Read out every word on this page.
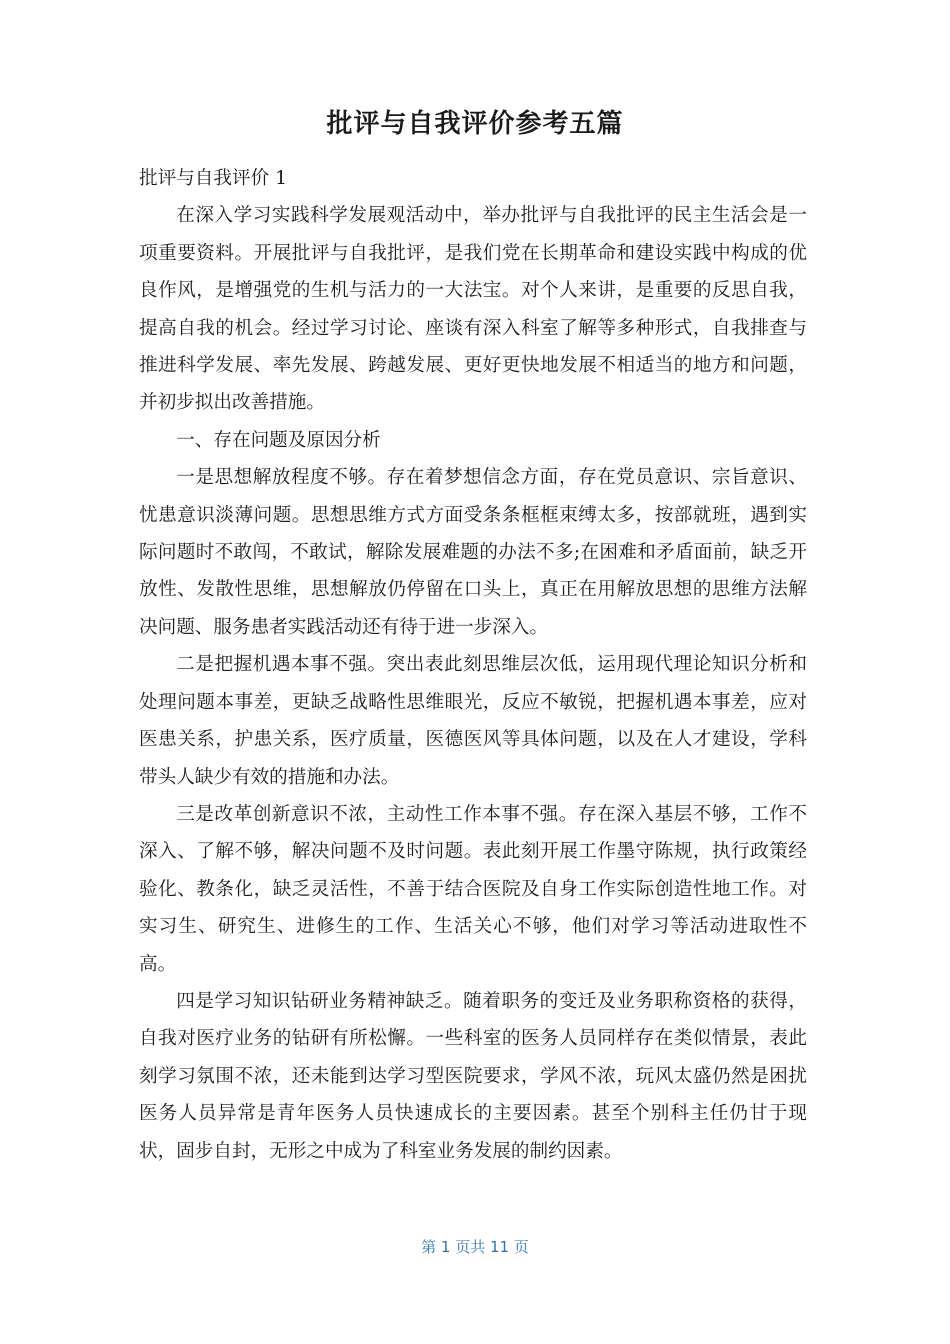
批评与自我评价参考五篇

批评与自我评价 1

在深入学习实践科学发展观活动中，举办批评与自我批评的民主生活会是一项重要资料。开展批评与自我批评，是我们党在长期革命和建设实践中构成的优良作风，是增强党的生机与活力的一大法宝。对个人来讲，是重要的反思自我，提高自我的机会。经过学习讨论、座谈有深入科室了解等多种形式，自我排查与推进科学发展、率先发展、跨越发展、更好更快地发展不相适当的地方和问题，并初步拟出改善措施。

一、存在问题及原因分析

一是思想解放程度不够。存在着梦想信念方面，存在党员意识、宗旨意识、忧患意识淡薄问题。思想思维方式方面受条条框框束缚太多，按部就班，遇到实际问题时不敢闯，不敢试，解除发展难题的办法不多;在困难和矛盾面前，缺乏开放性、发散性思维，思想解放仍停留在口头上，真正在用解放思想的思维方法解决问题、服务患者实践活动还有待于进一步深入。

二是把握机遇本事不强。突出表此刻思维层次低，运用现代理论知识分析和处理问题本事差，更缺乏战略性思维眼光，反应不敏锐，把握机遇本事差，应对医患关系，护患关系，医疗质量，医德医风等具体问题，以及在人才建设，学科带头人缺少有效的措施和办法。

三是改革创新意识不浓，主动性工作本事不强。存在深入基层不够，工作不深入、了解不够，解决问题不及时问题。表此刻开展工作墨守陈规，执行政策经验化、教条化，缺乏灵活性，不善于结合医院及自身工作实际创造性地工作。对实习生、研究生、进修生的工作、生活关心不够，他们对学习等活动进取性不高。

四是学习知识钻研业务精神缺乏。随着职务的变迁及业务职称资格的获得，自我对医疗业务的钻研有所松懈。一些科室的医务人员同样存在类似情景，表此刻学习氛围不浓，还未能到达学习型医院要求，学风不浓，玩风太盛仍然是困扰医务人员异常是青年医务人员快速成长的主要因素。甚至个别科主任仍甘于现状，固步自封，无形之中成为了科室业务发展的制约因素。

第 1 页共 11 页
